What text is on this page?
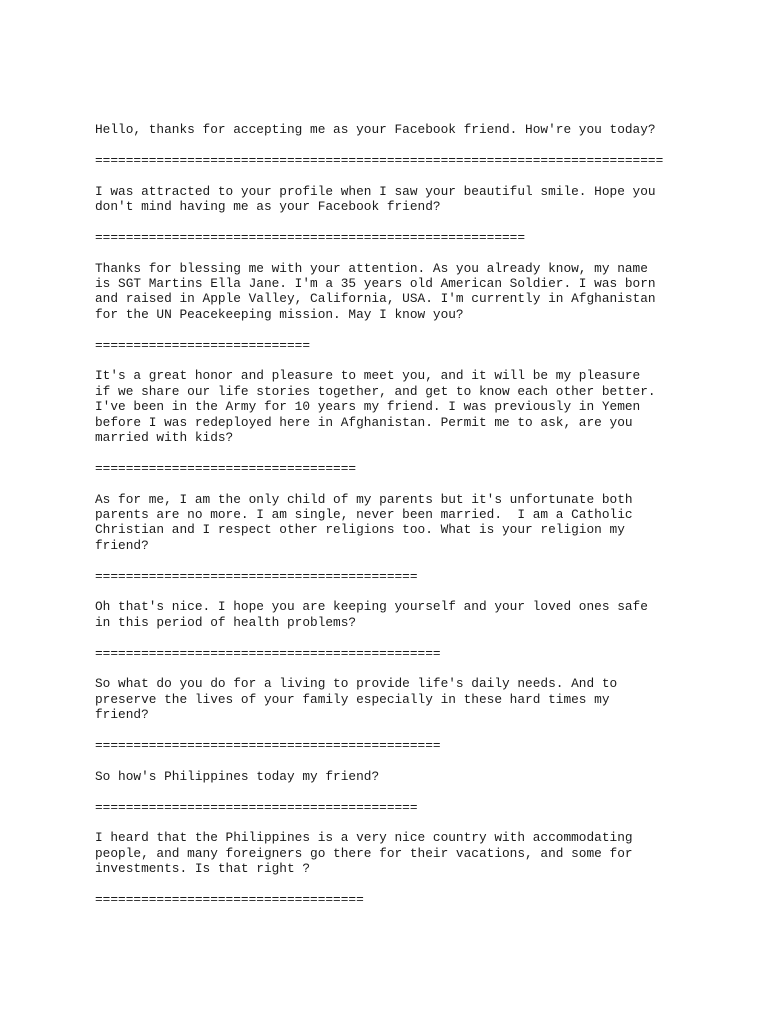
Hello, thanks for accepting me as your Facebook friend. How're you today?
==========================================================================
I was attracted to your profile when I saw your beautiful smile. Hope you
don't mind having me as your Facebook friend?
========================================================
Thanks for blessing me with your attention. As you already know, my name
is SGT Martins Ella Jane. I'm a 35 years old American Soldier. I was born
and raised in Apple Valley, California, USA. I'm currently in Afghanistan
for the UN Peacekeeping mission. May I know you?
============================
It's a great honor and pleasure to meet you, and it will be my pleasure
if we share our life stories together, and get to know each other better.
I've been in the Army for 10 years my friend. I was previously in Yemen
before I was redeployed here in Afghanistan. Permit me to ask, are you
married with kids?
==================================
As for me, I am the only child of my parents but it's unfortunate both
parents are no more. I am single, never been married.  I am a Catholic
Christian and I respect other religions too. What is your religion my
friend?
==========================================
Oh that's nice. I hope you are keeping yourself and your loved ones safe
in this period of health problems?
=============================================
So what do you do for a living to provide life's daily needs. And to
preserve the lives of your family especially in these hard times my
friend?
=============================================
So how's Philippines today my friend?
==========================================
I heard that the Philippines is a very nice country with accommodating
people, and many foreigners go there for their vacations, and some for
investments. Is that right ?
===================================
